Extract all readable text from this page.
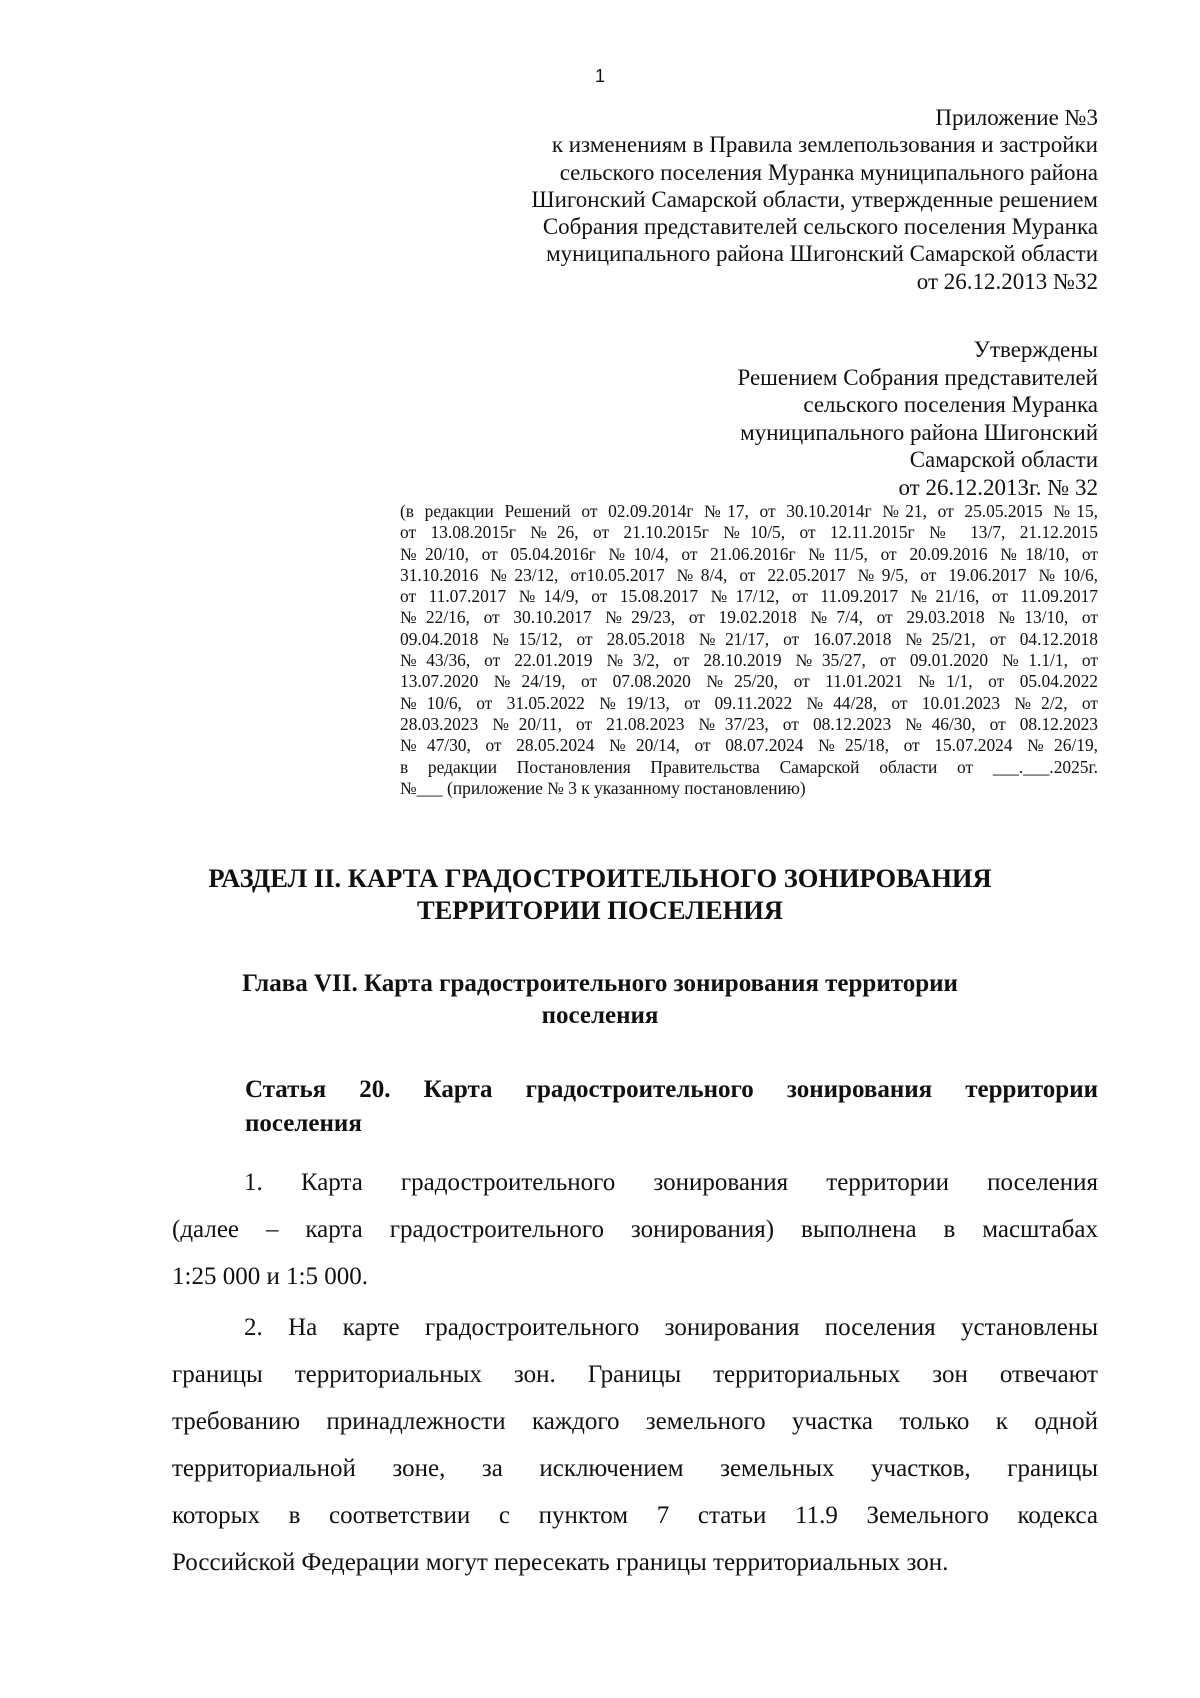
1
Приложение №3
к изменениям в Правила землепользования и застройки
сельского поселения Муранка муниципального района
Шигонский Самарской области, утвержденные решением
Собрания представителей сельского поселения Муранка
муниципального района Шигонский Самарской области
от 26.12.2013 №32
Утверждены
Решением Собрания представителей
сельского поселения Муранка
муниципального района Шигонский
Самарской области
от 26.12.2013г. № 32
(в редакции Решений от 02.09.2014г №17, от 30.10.2014г №21, от 25.05.2015 №15,
от 13.08.2015г №26, от 21.10.2015г №10/5, от 12.11.2015г № 13/7, 21.12.2015
№20/10, от 05.04.2016г №10/4, от 21.06.2016г №11/5, от 20.09.2016 №18/10, от
31.10.2016 №23/12, от10.05.2017 №8/4, от 22.05.2017 №9/5, от 19.06.2017 №10/6,
от 11.07.2017 №14/9, от 15.08.2017 №17/12, от 11.09.2017 №21/16, от 11.09.2017
№22/16, от 30.10.2017 №29/23, от 19.02.2018 №7/4, от 29.03.2018 №13/10, от
09.04.2018 №15/12, от 28.05.2018 №21/17, от 16.07.2018 №25/21, от 04.12.2018
№43/36, от 22.01.2019 №3/2, от 28.10.2019 №35/27, от 09.01.2020 №1.1/1, от
13.07.2020 №24/19, от 07.08.2020 №25/20, от 11.01.2021 №1/1, от 05.04.2022
№10/6, от 31.05.2022 №19/13, от 09.11.2022 №44/28, от 10.01.2023 №2/2, от
28.03.2023 №20/11, от 21.08.2023 №37/23, от 08.12.2023 №46/30, от 08.12.2023
№47/30, от 28.05.2024 №20/14, от 08.07.2024 №25/18, от 15.07.2024 №26/19,
в редакции Постановления Правительства Самарской области от ___.___.2025г.
№___ (приложение № 3 к указанному постановлению)
РАЗДЕЛ II. КАРТА ГРАДОСТРОИТЕЛЬНОГО ЗОНИРОВАНИЯ
ТЕРРИТОРИИ ПОСЕЛЕНИЯ
Глава VII. Карта градостроительного зонирования территории
поселения
Статья 20. Карта градостроительного зонирования территории
поселения
1. Карта градостроительного зонирования территории поселения
(далее – карта градостроительного зонирования) выполнена в масштабах
1:25 000 и 1:5 000.
2. На карте градостроительного зонирования поселения установлены
границы территориальных зон. Границы территориальных зон отвечают
требованию принадлежности каждого земельного участка только к одной
территориальной зоне, за исключением земельных участков, границы
которых в соответствии с пунктом 7 статьи 11.9 Земельного кодекса
Российской Федерации могут пересекать границы территориальных зон.
